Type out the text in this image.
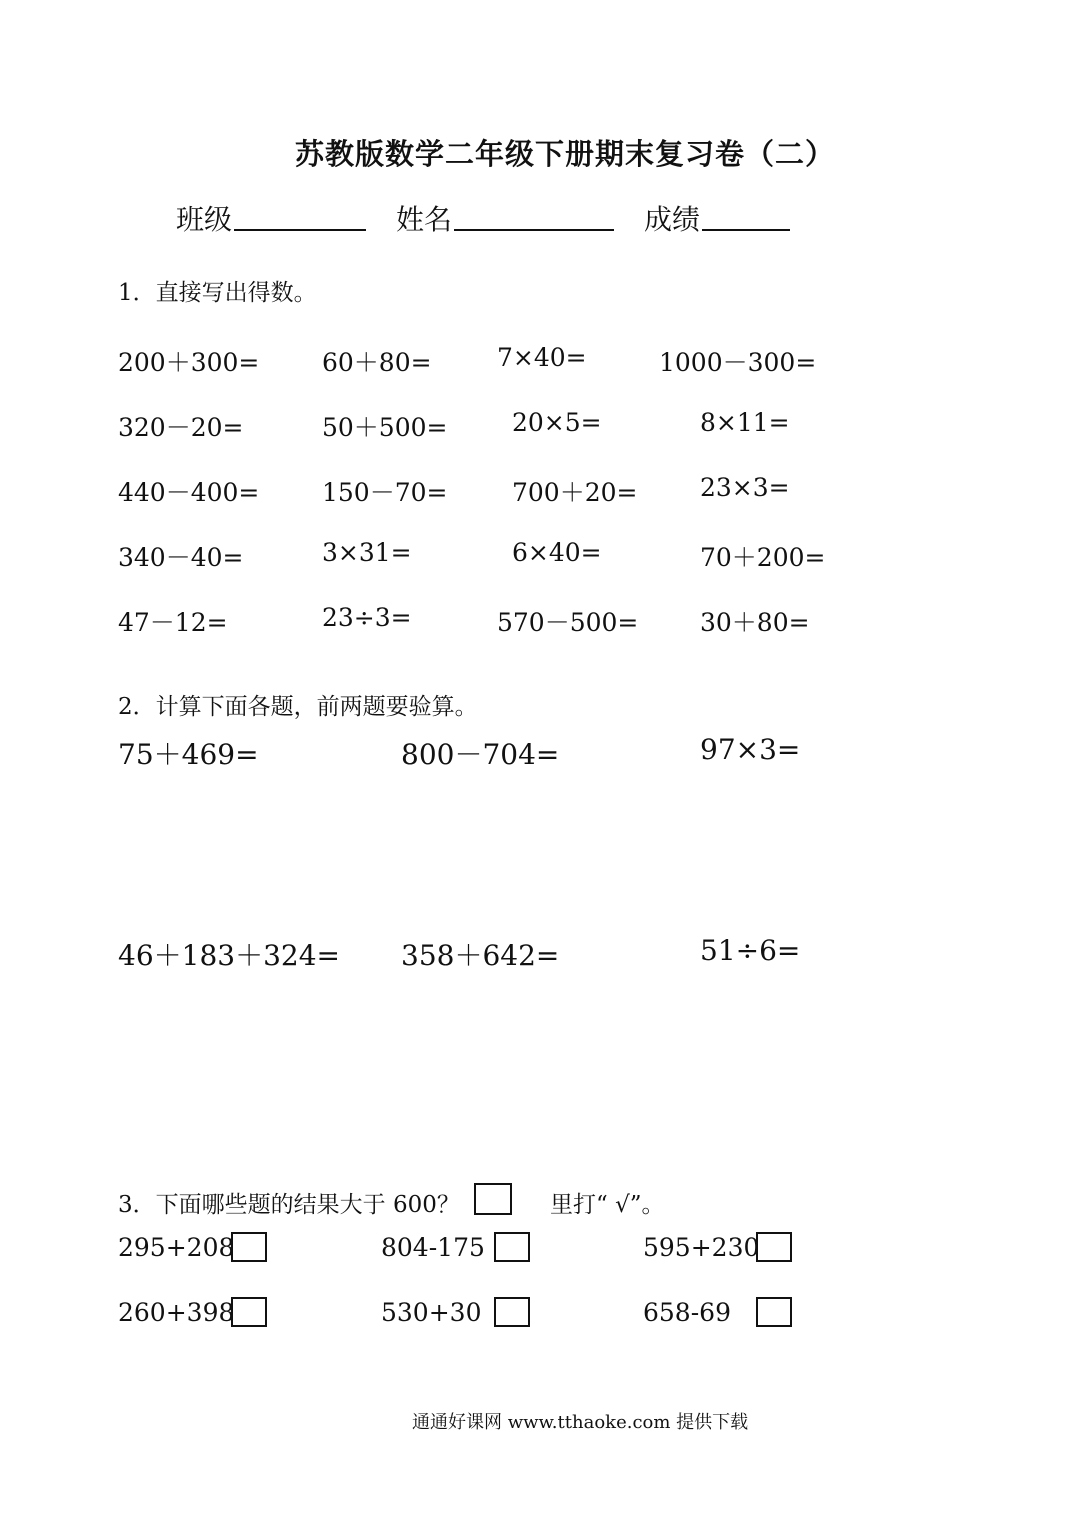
苏教版数学二年级下册期末复习卷（二）
班级	姓名	成绩
1．直接写出得数。
200＋300=	60＋80=	7×40=	1000－300=
320－20=	50＋500=	20×5=	8×11=
440－400=	150－70=	700＋20=	23×3=
340－40=	3×31=	6×40=	70＋200=
47－12=	23÷3=	570－500= 30＋80=
2．计算下面各题，前两题要验算。
75＋469=	800－704=	97×3=
46＋183＋324= 358＋642=	51÷6=
3．下面哪些题的结果大于 600？	里打“ √”。
295+208	804-175	595+230
260+398	530+30	658-69
通通好课网 www.tthaoke.com 提供下载
